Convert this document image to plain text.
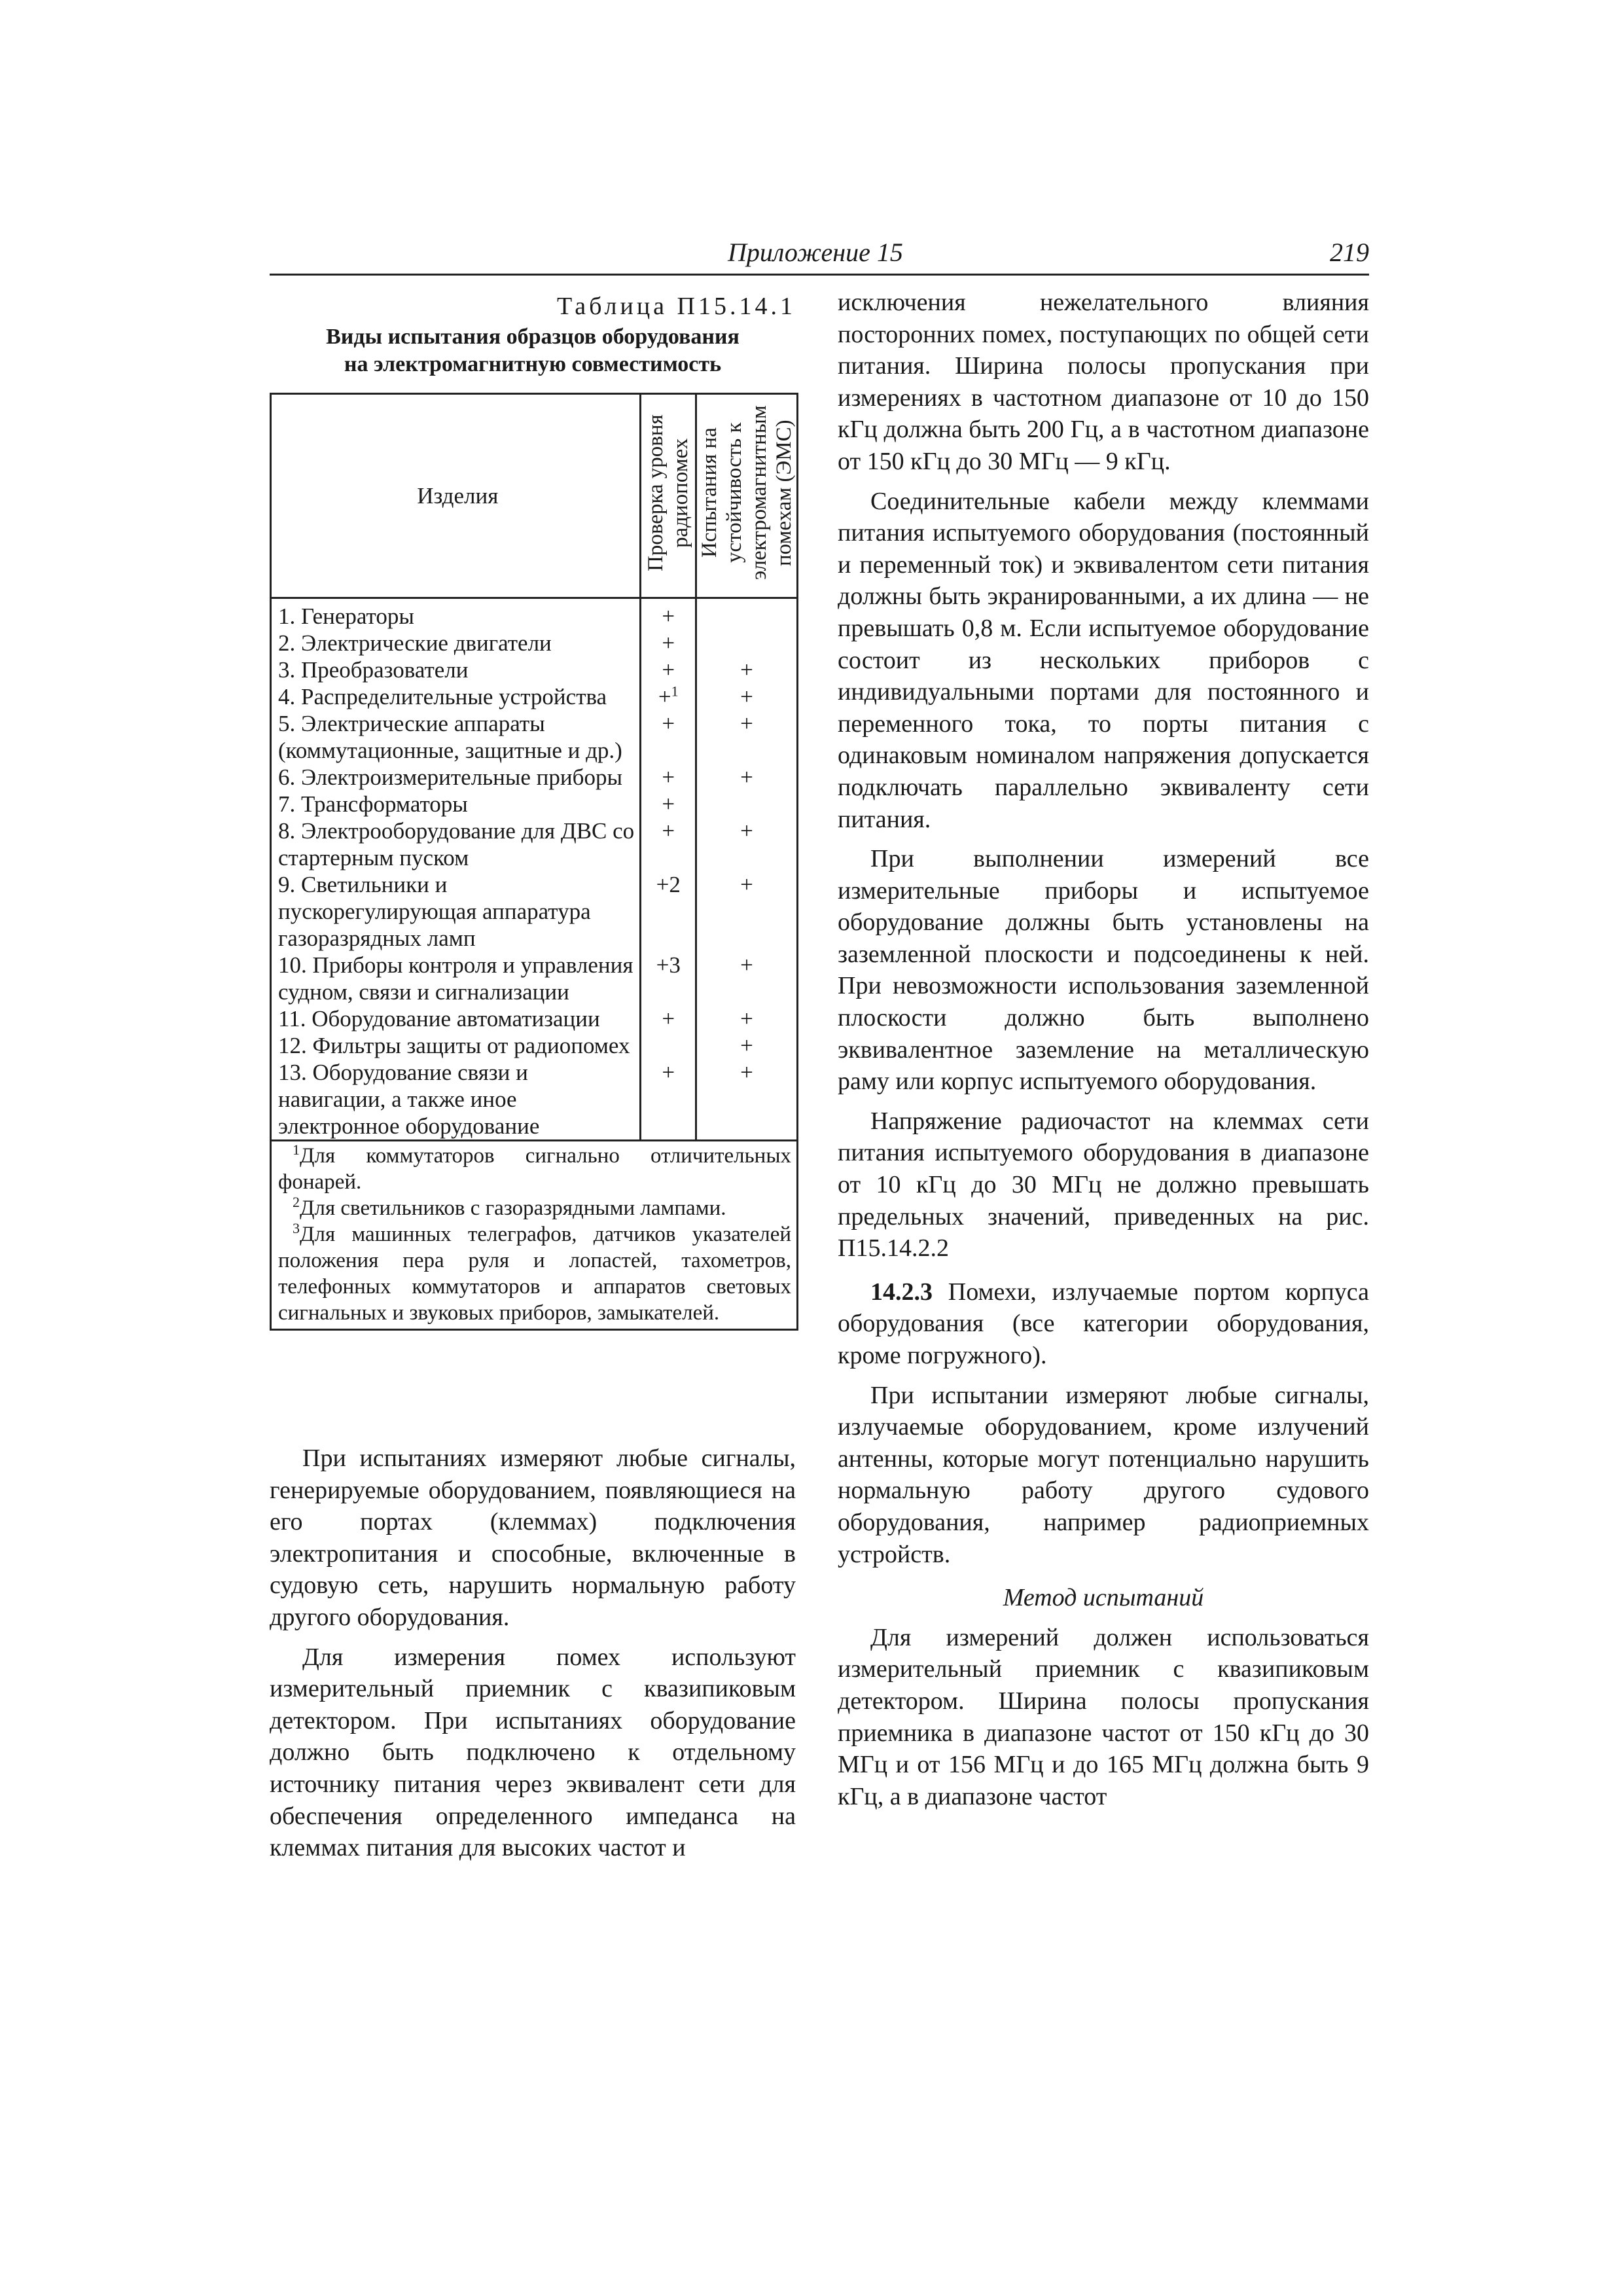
Приложение 15	219
Таблица П15.14.1
Виды испытания образцов оборудования
на электромагнитную совместимость
Изделия	Проверка уровня радиопомех	Испытания на устойчивость к электромагнитным помехам (ЭМС)
1. Генераторы	+	
2. Электрические двигатели	+	
3. Преобразователи	+	+
4. Распределительные устройства	+$^1$	+
5. Электрические аппараты (коммутационные, защитные и др.)	+	+
6. Электроизмерительные приборы	+	+
7. Трансформаторы	+	
8. Электрооборудование для ДВС со стартерным пуском	+	+
9. Светильники и пускорегулирующая аппаратура газоразрядных ламп	+2	+
10. Приборы контроля и управления судном, связи и сигнализации	+3	+
11. Оборудование автоматизации	+	+
12. Фильтры защиты от радиопомех		+
13. Оборудование связи и навигации, а также иное электронное оборудование	+	+

$^1$Для коммутаторов сигнально отличительных фонарей.

$^2$Для светильников с газоразрядными лампами.

$^3$Для машинных телеграфов, датчиков указателей положения пера руля и лопастей, тахометров, телефонных коммутаторов и аппаратов световых сигнальных и звуковых приборов, замыкателей.		

При испытаниях измеряют любые сигналы, генерируемые оборудованием, появляющиеся на его портах (клеммах) подключения электропитания и способные, включенные в судовую сеть, нарушить нормальную работу другого оборудования.

Для измерения помех используют измерительный приемник с квазипиковым детектором. При испытаниях оборудование должно быть подключено к отдельному источнику питания через эквивалент сети для обеспечения определенного импеданса на клеммах питания для высоких частот и

исключения нежелательного влияния посторонних помех, поступающих по общей сети питания. Ширина полосы пропускания при измерениях в частотном диапазоне от 10 до 150 кГц должна быть 200 Гц, а в частотном диапазоне от 150 кГц до 30 МГц — 9 кГц.

Соединительные кабели между клеммами питания испытуемого оборудования (постоянный и переменный ток) и эквивалентом сети питания должны быть экранированными, а их длина — не превышать 0,8 м. Если испытуемое оборудование состоит из нескольких приборов с индивидуальными портами для постоянного и переменного тока, то порты питания с одинаковым номиналом напряжения допускается подключать параллельно эквиваленту сети питания.

При выполнении измерений все измерительные приборы и испытуемое оборудование должны быть установлены на заземленной плоскости и подсоединены к ней. При невозможности использования заземленной плоскости должно быть выполнено эквивалентное заземление на металлическую раму или корпус испытуемого оборудования.

Напряжение радиочастот на клеммах сети питания испытуемого оборудования в диапазоне от 10 кГц до 30 МГц не должно превышать предельных значений, приведенных на рис. П15.14.2.2

14.2.3 Помехи, излучаемые портом корпуса оборудования (все категории оборудования, кроме погружного).

При испытании измеряют любые сигналы, излучаемые оборудованием, кроме излучений антенны, которые могут потенциально нарушить нормальную работу другого судового оборудования, например радиоприемных устройств.

Метод испытаний

Для измерений должен использоваться измерительный приемник с квазипиковым детектором. Ширина полосы пропускания приемника в диапазоне частот от 150 кГц до 30 МГц и от 156 МГц и до 165 МГц должна быть 9 кГц, а в диапазоне частот
